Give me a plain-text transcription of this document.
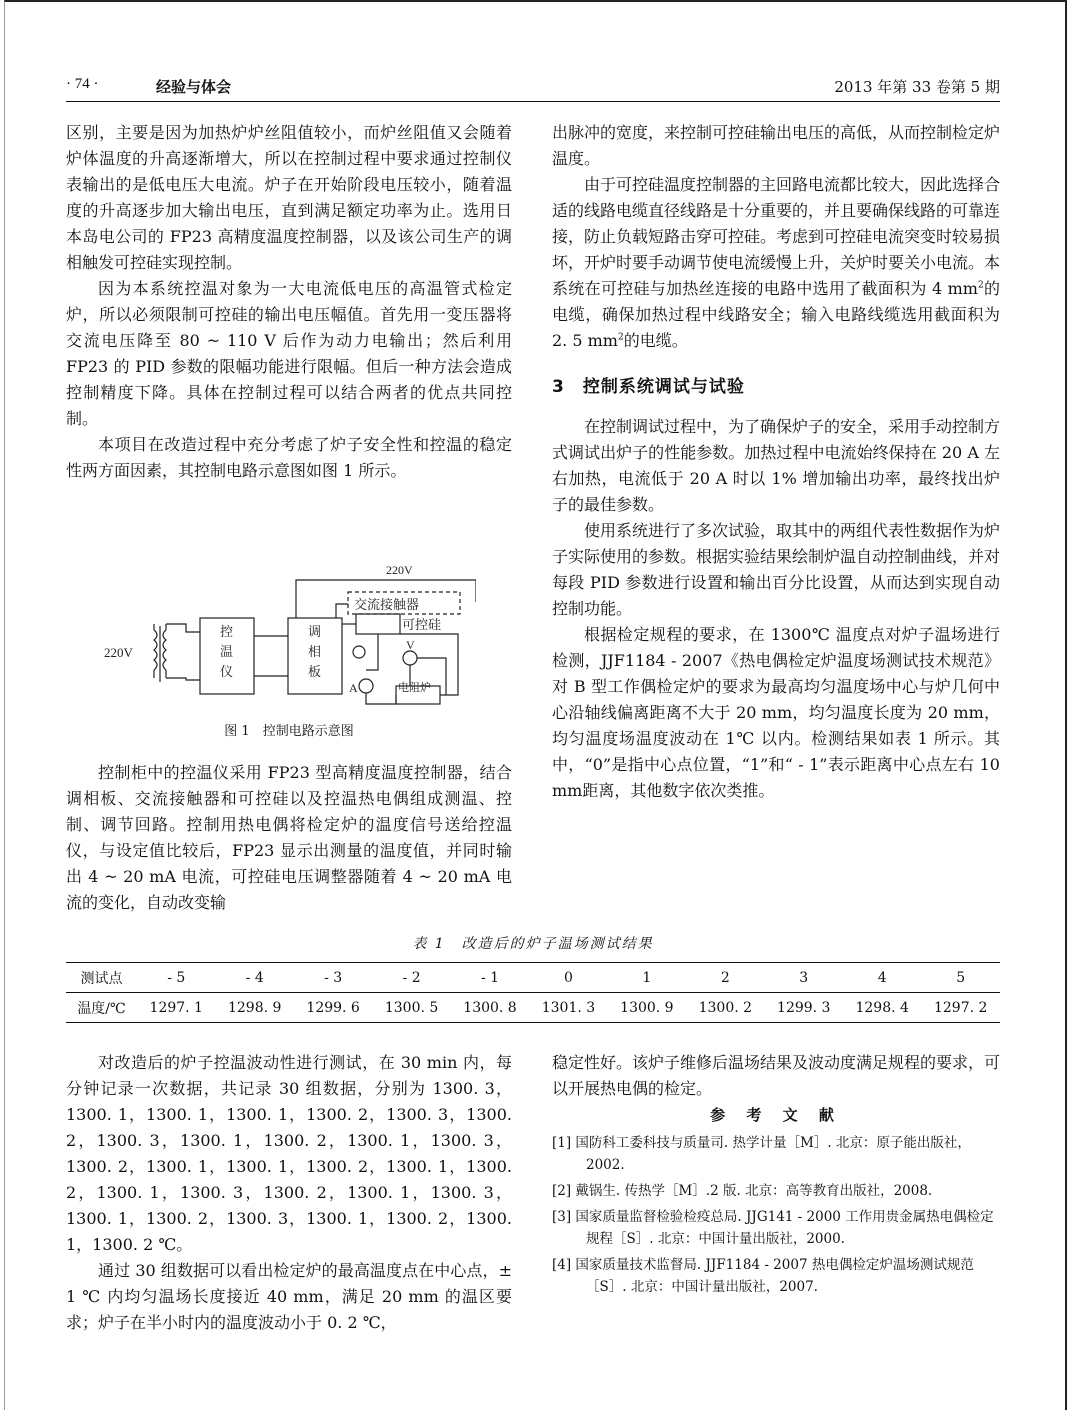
· 74 ·	经验与体会	2013 年第 33 卷第 5 期

区别，主要是因为加热炉炉丝阻值较小，而炉丝阻值又会随着炉体温度的升高逐渐增大，所以在控制过程中要求通过控制仪表输出的是低电压大电流。炉子在开始阶段电压较小，随着温度的升高逐步加大输出电压，直到满足额定功率为止。选用日本岛电公司的 FP23 高精度温度控制器，以及该公司生产的调相触发可控硅实现控制。

因为本系统控温对象为一大电流低电压的高温管式检定炉，所以必须限制可控硅的输出电压幅值。首先用一变压器将交流电压降至 80 ~ 110 V 后作为动力电输出；然后利用 FP23 的 PID 参数的限幅功能进行限幅。但后一种方法会造成控制精度下降。具体在控制过程可以结合两者的优点共同控制。

本项目在改造过程中充分考虑了炉子安全性和控温的稳定性两方面因素，其控制电路示意图如图 1 所示。

220V
交流接触器
可控硅
220V
控
温
仪
调
相
板
V
A	电阻炉
图 1　控制电路示意图

控制柜中的控温仪采用 FP23 型高精度温度控制器，结合调相板、交流接触器和可控硅以及控温热电偶组成测温、控制、调节回路。控制用热电偶将检定炉的温度信号送给控温仪，与设定值比较后，FP23 显示出测量的温度值，并同时输出 4 ~ 20 mA 电流，可控硅电压调整器随着 4 ~ 20 mA 电流的变化，自动改变输

出脉冲的宽度，来控制可控硅输出电压的高低，从而控制检定炉温度。

由于可控硅温度控制器的主回路电流都比较大，因此选择合适的线路电缆直径线路是十分重要的，并且要确保线路的可靠连接，防止负载短路击穿可控硅。考虑到可控硅电流突变时较易损坏，开炉时要手动调节使电流缓慢上升，关炉时要关小电流。本系统在可控硅与加热丝连接的电路中选用了截面积为 4 $mm^2$的电缆，确保加热过程中线路安全；输入电路线缆选用截面积为 2. 5 $mm^2$的电缆。

3　控制系统调试与试验

在控制调试过程中，为了确保炉子的安全，采用手动控制方式调试出炉子的性能参数。加热过程中电流始终保持在 20 A 左右加热，电流低于 20 A 时以 1% 增加输出功率，最终找出炉子的最佳参数。

使用系统进行了多次试验，取其中的两组代表性数据作为炉子实际使用的参数。根据实验结果绘制炉温自动控制曲线，并对每段 PID 参数进行设置和输出百分比设置，从而达到实现自动控制功能。

根据检定规程的要求，在 1300℃ 温度点对炉子温场进行检测，JJF1184 - 2007《热电偶检定炉温度场测试技术规范》对 B 型工作偶检定炉的要求为最高均匀温度场中心与炉几何中心沿轴线偏离距离不大于 20 mm，均匀温度长度为 20 mm，均匀温度场温度波动在 1℃ 以内。检测结果如表 1 所示。其中，“0”是指中心点位置，“1”和“ - 1”表示距离中心点左右 10 mm距离，其他数字依次类推。

表 1　改造后的炉子温场测试结果
测试点	- 5	- 4	- 3	- 2	- 1	0	1	2	3	4	5
温度/℃	1297. 1	1298. 9	1299. 6	1300. 5	1300. 8	1301. 3	1300. 9	1300. 2	1299. 3	1298. 4	1297. 2

对改造后的炉子控温波动性进行测试，在 30 min 内，每分钟记录一次数据，共记录 30 组数据，分别为 1300. 3，1300. 1，1300. 1，1300. 1，1300. 2，1300. 3，1300. 2，1300. 3，1300. 1，1300. 2，1300. 1，1300. 3，1300. 2，1300. 1，1300. 1，1300. 2，1300. 1，1300. 2，1300. 1，1300. 3，1300. 2，1300. 1，1300. 3，1300. 1，1300. 2，1300. 3，1300. 1，1300. 2，1300. 1，1300. 2 ℃。

通过 30 组数据可以看出检定炉的最高温度点在中心点，± 1 ℃ 内均匀温场长度接近 40 mm，满足 20 mm 的温区要求；炉子在半小时内的温度波动小于 0. 2 ℃，

稳定性好。该炉子维修后温场结果及波动度满足规程的要求，可以开展热电偶的检定。

参 考 文 献

[1] 国防科工委科技与质量司. 热学计量［M］. 北京：原子能出版社，2002.

[2] 戴锅生. 传热学［M］.2 版. 北京：高等教育出版社，2008.

[3] 国家质量监督检验检疫总局. JJG141 - 2000 工作用贵金属热电偶检定规程［S］. 北京：中国计量出版社，2000.

[4] 国家质量技术监督局. JJF1184 - 2007 热电偶检定炉温场测试规范［S］. 北京：中国计量出版社，2007.
